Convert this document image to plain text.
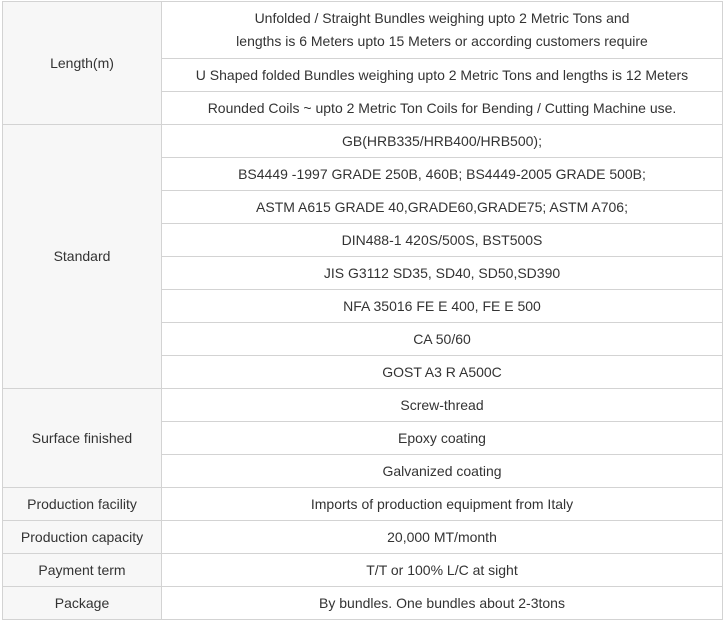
Length(m)	Unfolded / Straight Bundles weighing upto 2 Metric Tons and
lengths is 6 Meters upto 15 Meters or according customers require

	U Shaped folded Bundles weighing upto 2 Metric Tons and lengths is 12 Meters
	Rounded Coils ~ upto 2 Metric Ton Coils for Bending / Cutting Machine use.
Standard	GB(HRB335/HRB400/HRB500);
	BS4449 -1997 GRADE 250B, 460B; BS4449-2005 GRADE 500B;
	ASTM A615 GRADE 40,GRADE60,GRADE75; ASTM A706;
	DIN488-1 420S/500S, BST500S
	JIS G3112 SD35, SD40, SD50,SD390
	NFA 35016 FE E 400, FE E 500
	CA 50/60
	GOST A3 R A500C
Surface finished	Screw-thread
	Epoxy coating
	Galvanized coating
Production facility	Imports of production equipment from Italy
Production capacity	20,000 MT/month
Payment term	T/T or 100% L/C at sight
Package	By bundles. One bundles about 2-3tons
